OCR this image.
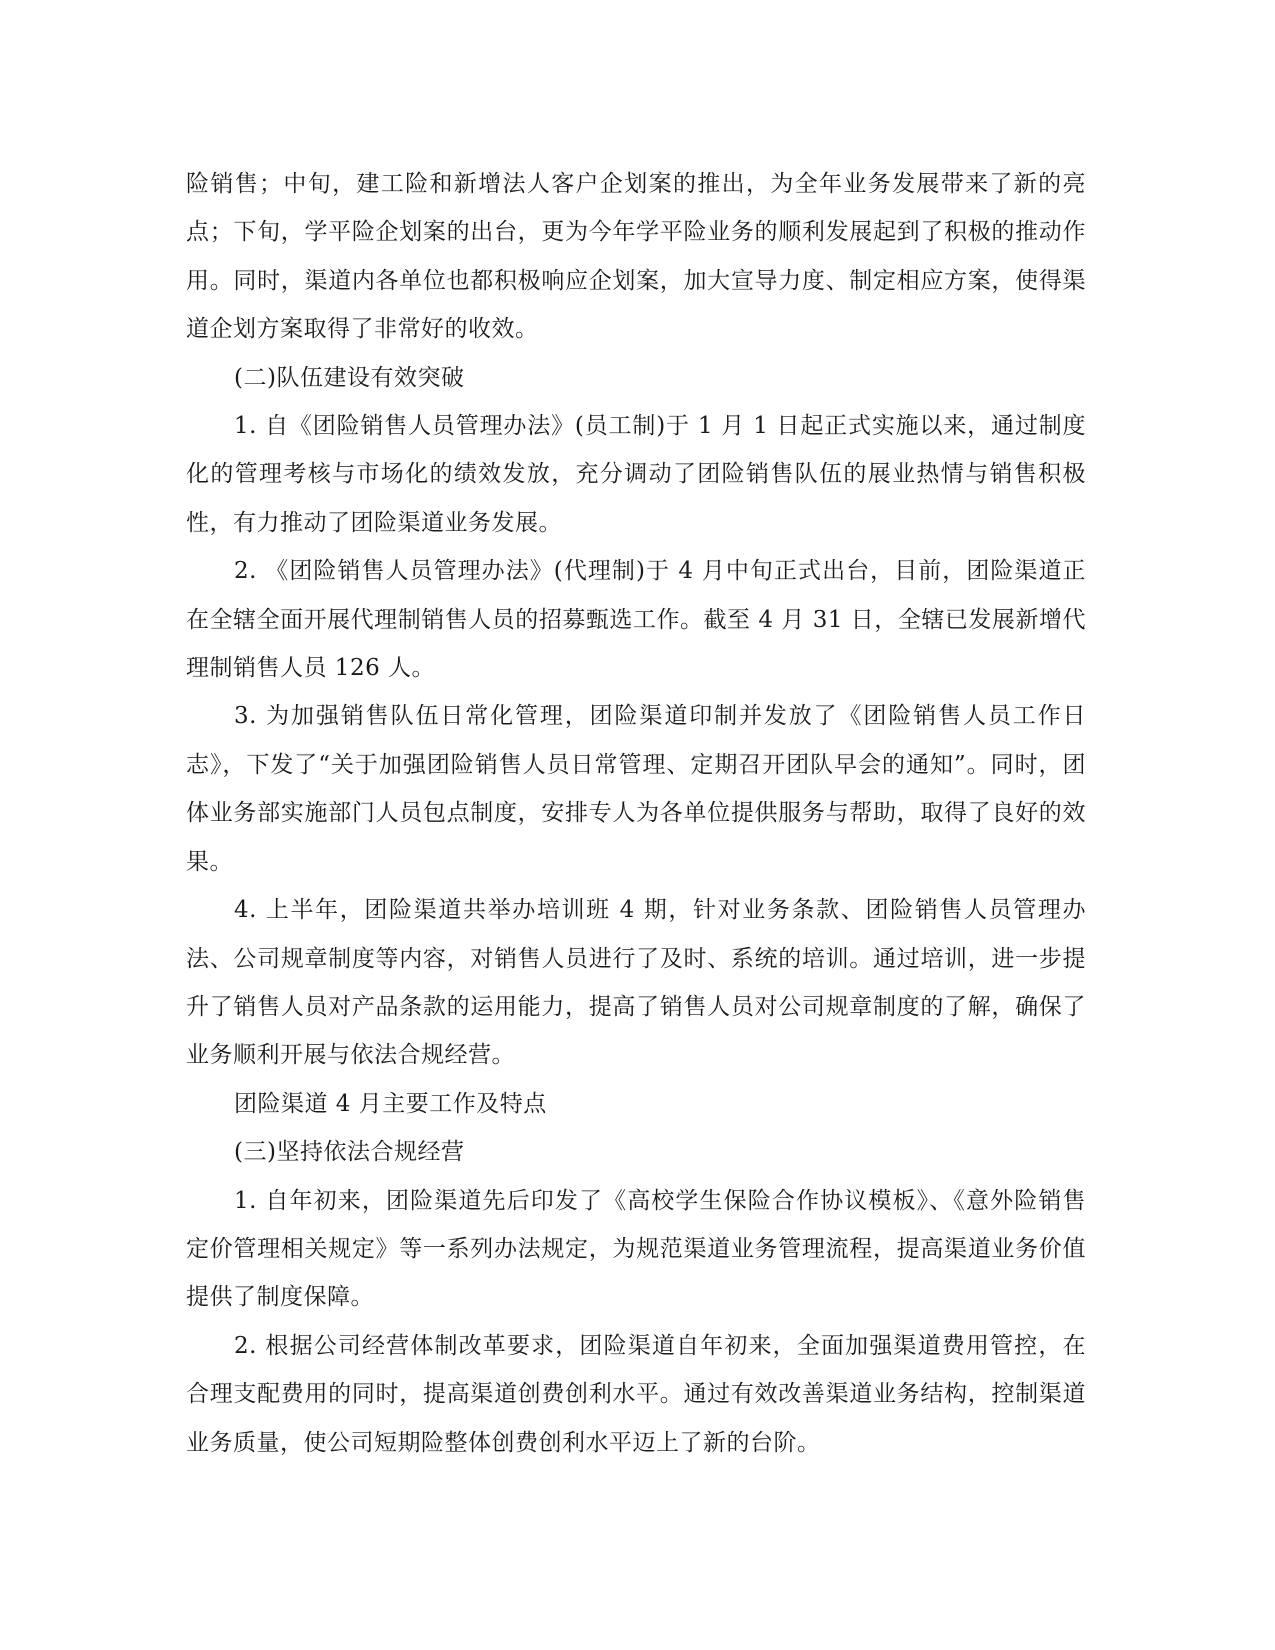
险销售；中旬，建工险和新增法人客户企划案的推出，为全年业务发展带来了新的亮点；下旬，学平险企划案的出台，更为今年学平险业务的顺利发展起到了积极的推动作用。同时，渠道内各单位也都积极响应企划案，加大宣导力度、制定相应方案，使得渠道企划方案取得了非常好的收效。

(二)队伍建设有效突破

1. 自《团险销售人员管理办法》(员工制)于 1 月 1 日起正式实施以来，通过制度化的管理考核与市场化的绩效发放，充分调动了团险销售队伍的展业热情与销售积极性，有力推动了团险渠道业务发展。

2. 《团险销售人员管理办法》(代理制)于 4 月中旬正式出台，目前，团险渠道正在全辖全面开展代理制销售人员的招募甄选工作。截至 4 月 31 日，全辖已发展新增代理制销售人员 126 人。

3. 为加强销售队伍日常化管理，团险渠道印制并发放了《团险销售人员工作日志》，下发了“关于加强团险销售人员日常管理、定期召开团队早会的通知”。同时，团体业务部实施部门人员包点制度，安排专人为各单位提供服务与帮助，取得了良好的效果。

4. 上半年，团险渠道共举办培训班 4 期，针对业务条款、团险销售人员管理办法、公司规章制度等内容，对销售人员进行了及时、系统的培训。通过培训，进一步提升了销售人员对产品条款的运用能力，提高了销售人员对公司规章制度的了解，确保了业务顺利开展与依法合规经营。

团险渠道 4 月主要工作及特点

(三)坚持依法合规经营

1. 自年初来，团险渠道先后印发了《高校学生保险合作协议模板》、《意外险销售定价管理相关规定》等一系列办法规定，为规范渠道业务管理流程，提高渠道业务价值提供了制度保障。

2. 根据公司经营体制改革要求，团险渠道自年初来，全面加强渠道费用管控，在合理支配费用的同时，提高渠道创费创利水平。通过有效改善渠道业务结构，控制渠道业务质量，使公司短期险整体创费创利水平迈上了新的台阶。
